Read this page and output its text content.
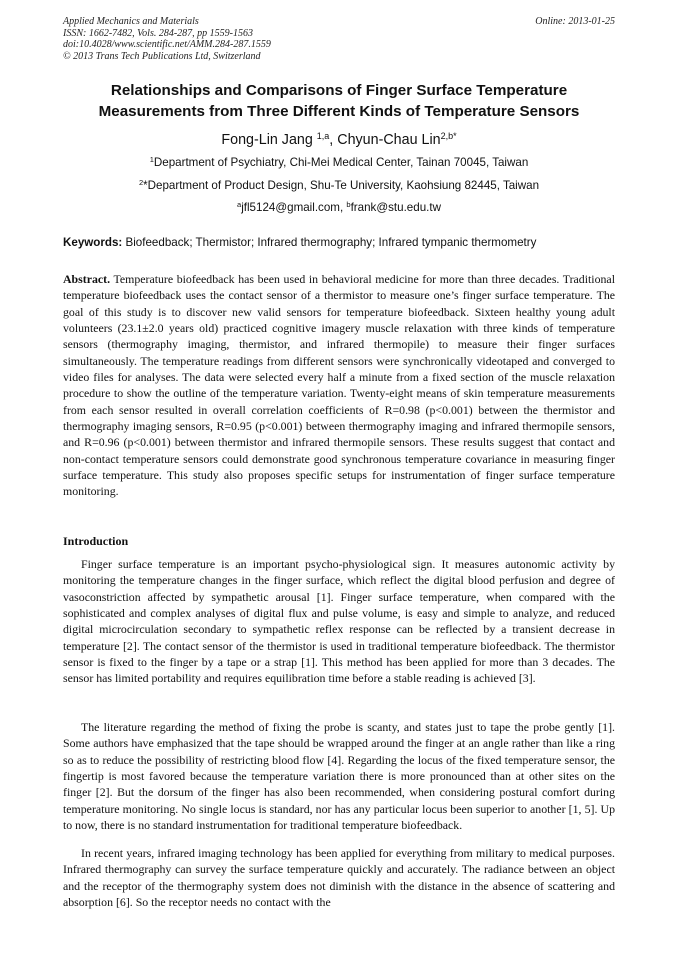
Applied Mechanics and Materials
ISSN: 1662-7482, Vols. 284-287, pp 1559-1563
doi:10.4028/www.scientific.net/AMM.284-287.1559
© 2013 Trans Tech Publications Ltd, Switzerland
Online: 2013-01-25
Relationships and Comparisons of Finger Surface Temperature Measurements from Three Different Kinds of Temperature Sensors
Fong-Lin Jang $^{1,a}$, Chyun-Chau Lin$^{2,b*}$
$^1$Department of Psychiatry, Chi-Mei Medical Center, Tainan 70045, Taiwan
$^2$*Department of Product Design, Shu-Te University, Kaohsiung 82445, Taiwan
$^a$jfl5124@gmail.com, $^b$frank@stu.edu.tw
Keywords: Biofeedback; Thermistor; Infrared thermography; Infrared tympanic thermometry
Abstract. Temperature biofeedback has been used in behavioral medicine for more than three decades. Traditional temperature biofeedback uses the contact sensor of a thermistor to measure one’s finger surface temperature. The goal of this study is to discover new valid sensors for temperature biofeedback. Sixteen healthy young adult volunteers (23.1±2.0 years old) practiced cognitive imagery muscle relaxation with three kinds of temperature sensors (thermography imaging, thermistor, and infrared thermopile) to measure their finger surfaces simultaneously. The temperature readings from different sensors were synchronically videotaped and converged to video files for analyses. The data were selected every half a minute from a fixed section of the muscle relaxation procedure to show the outline of the temperature variation. Twenty-eight means of skin temperature measurements from each sensor resulted in overall correlation coefficients of R=0.98 (p<0.001) between the thermistor and thermography imaging sensors, R=0.95 (p<0.001) between thermography imaging and infrared thermopile sensors, and R=0.96 (p<0.001) between thermistor and infrared thermopile sensors. These results suggest that contact and non-contact temperature sensors could demonstrate good synchronous temperature covariance in measuring finger surface temperature. This study also proposes specific setups for instrumentation of finger surface temperature monitoring.
Introduction
Finger surface temperature is an important psycho-physiological sign. It measures autonomic activity by monitoring the temperature changes in the finger surface, which reflect the digital blood perfusion and degree of vasoconstriction affected by sympathetic arousal [1]. Finger surface temperature, when compared with the sophisticated and complex analyses of digital flux and pulse volume, is easy and simple to analyze, and reduced digital microcirculation secondary to sympathetic reflex response can be reflected by a transient decrease in temperature [2]. The contact sensor of the thermistor is used in traditional temperature biofeedback. The thermistor sensor is fixed to the finger by a tape or a strap [1]. This method has been applied for more than 3 decades. The sensor has limited portability and requires equilibration time before a stable reading is achieved [3].
The literature regarding the method of fixing the probe is scanty, and states just to tape the probe gently [1]. Some authors have emphasized that the tape should be wrapped around the finger at an angle rather than like a ring so as to reduce the possibility of restricting blood flow [4]. Regarding the locus of the fixed temperature sensor, the fingertip is most favored because the temperature variation there is more pronounced than at other sites on the finger [2]. But the dorsum of the finger has also been recommended, when considering postural comfort during temperature monitoring. No single locus is standard, nor has any particular locus been superior to another [1, 5]. Up to now, there is no standard instrumentation for traditional temperature biofeedback.
In recent years, infrared imaging technology has been applied for everything from military to medical purposes. Infrared thermography can survey the surface temperature quickly and accurately. The radiance between an object and the receptor of the thermography system does not diminish with the distance in the absence of scattering and absorption [6]. So the receptor needs no contact with the
